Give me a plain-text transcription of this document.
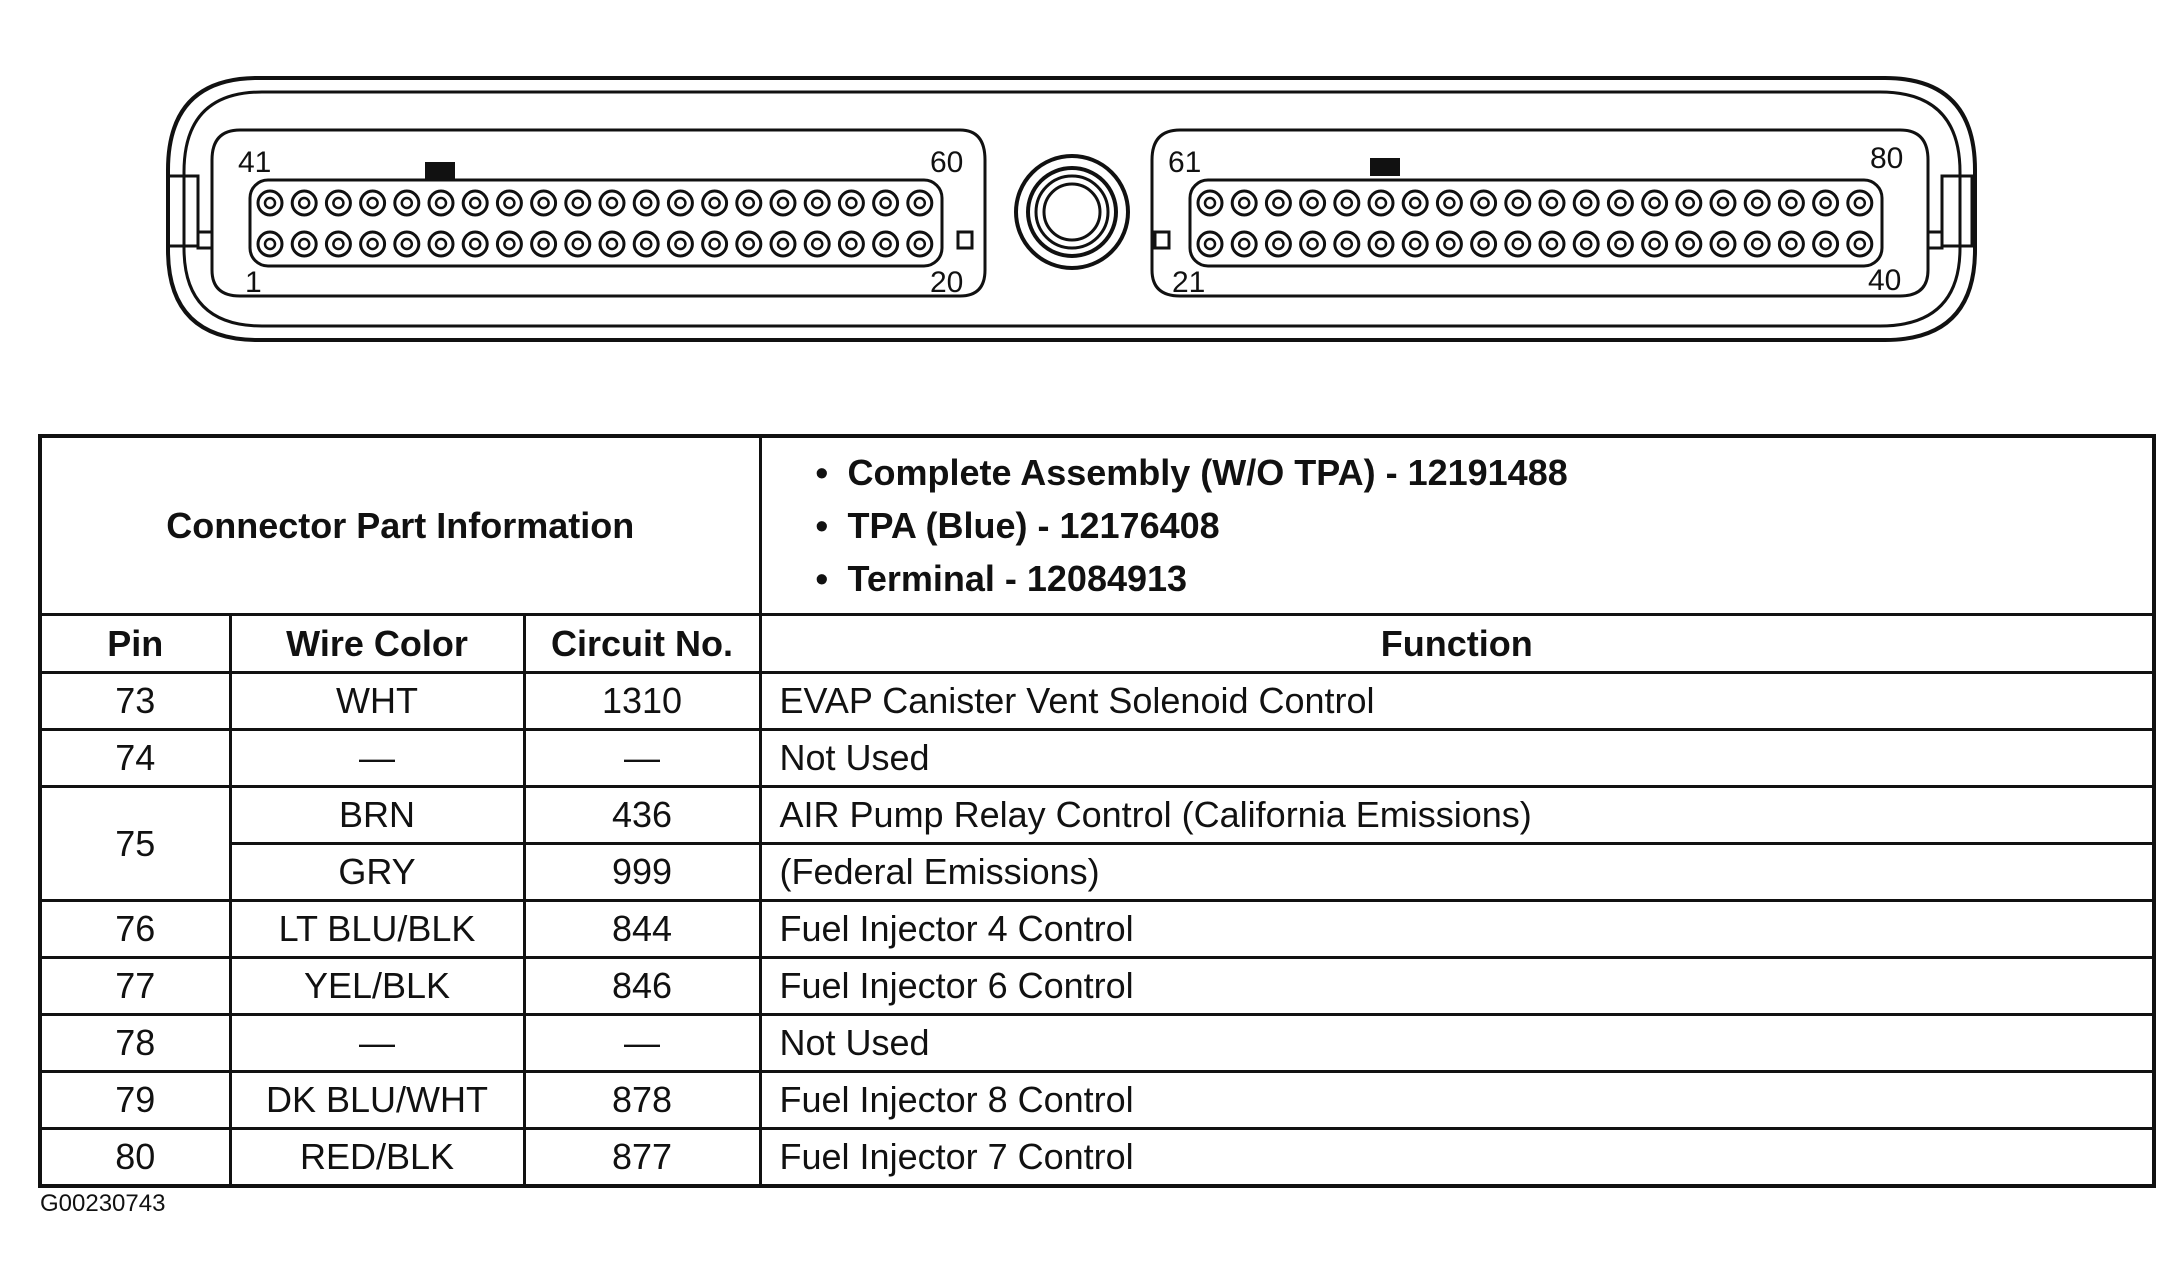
41	60
1	20
61	80
21	40
Connector Part Information			• Complete Assembly (W/O TPA) - 12191488
• TPA (Blue) - 12176408
• Terminal - 12084913

Pin	Wire Color	Circuit No.	Function
73	WHT	1310	EVAP Canister Vent Solenoid Control
74	—	—	Not Used
75	BRN	436	AIR Pump Relay Control (California Emissions)
	GRY	999	(Federal Emissions)
76	LT BLU/BLK	844	Fuel Injector 4 Control
77	YEL/BLK	846	Fuel Injector 6 Control
78	—	—	Not Used
79	DK BLU/WHT	878	Fuel Injector 8 Control
80	RED/BLK	877	Fuel Injector 7 Control
G00230743
